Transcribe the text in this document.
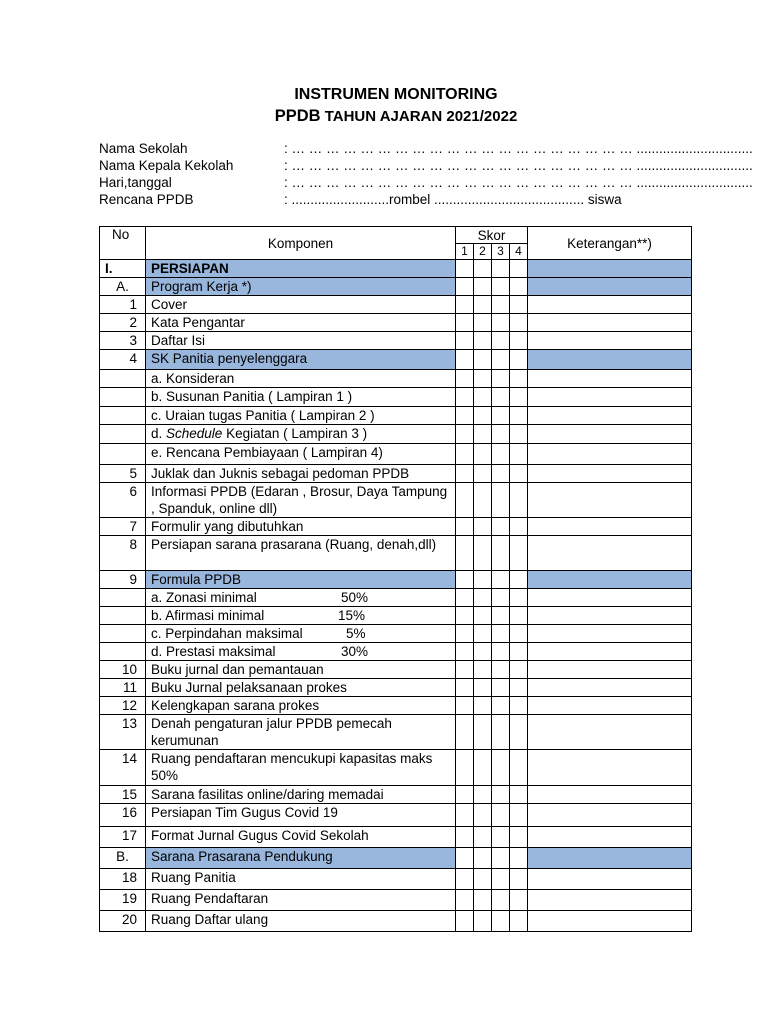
INSTRUMEN MONITORING
PPDB TAHUN AJARAN 2021/2022
Nama Sekolah	: … … … … … … … … … … … … … … … … … … … … ...............................
Nama Kepala Kekolah	: … … … … … … … … … … … … … … … … … … … … ...............................
Hari,tanggal	: … … … … … … … … … … … … … … … … … … … … ...............................
Rencana PPDB	: ..........................rombel ........................................ siswa
No	Komponen	Skor				Keterangan**)
		1	2	3	4	
I.	PERSIAPAN					
A.	Program Kerja *)					
1	Cover					
2	Kata Pengantar					
3	Daftar Isi					
4	SK Panitia penyelenggara					
	a. Konsideran					
	b. Susunan Panitia ( Lampiran 1 )					
	c. Uraian tugas Panitia ( Lampiran 2 )					
	d. Schedule Kegiatan ( Lampiran 3 )					
	e. Rencana Pembiayaan ( Lampiran 4)					
5	Juklak dan Juknis sebagai pedoman PPDB					
6	Informasi PPDB (Edaran , Brosur, Daya Tampung , Spanduk, online dll)					
7	Formulir yang dibutuhkan					
8	Persiapan sarana prasarana (Ruang, denah,dll)					
9	Formula PPDB					
	a. Zonasi minimal 50%					

	b. Afirmasi minimal 15%					

	c. Perpindahan maksimal 5%					

	d. Prestasi maksimal 30%					

10	Buku jurnal dan pemantauan					
11	Buku Jurnal pelaksanaan prokes					
12	Kelengkapan sarana prokes					
13	Denah pengaturan jalur PPDB pemecah kerumunan					
14	Ruang pendaftaran mencukupi kapasitas maks 50%					
15	Sarana fasilitas online/daring memadai					
16	Persiapan Tim Gugus Covid 19					
17	Format Jurnal Gugus Covid Sekolah					
B.	Sarana Prasarana Pendukung					
18	Ruang Panitia					
19	Ruang Pendaftaran					
20	Ruang Daftar ulang					
